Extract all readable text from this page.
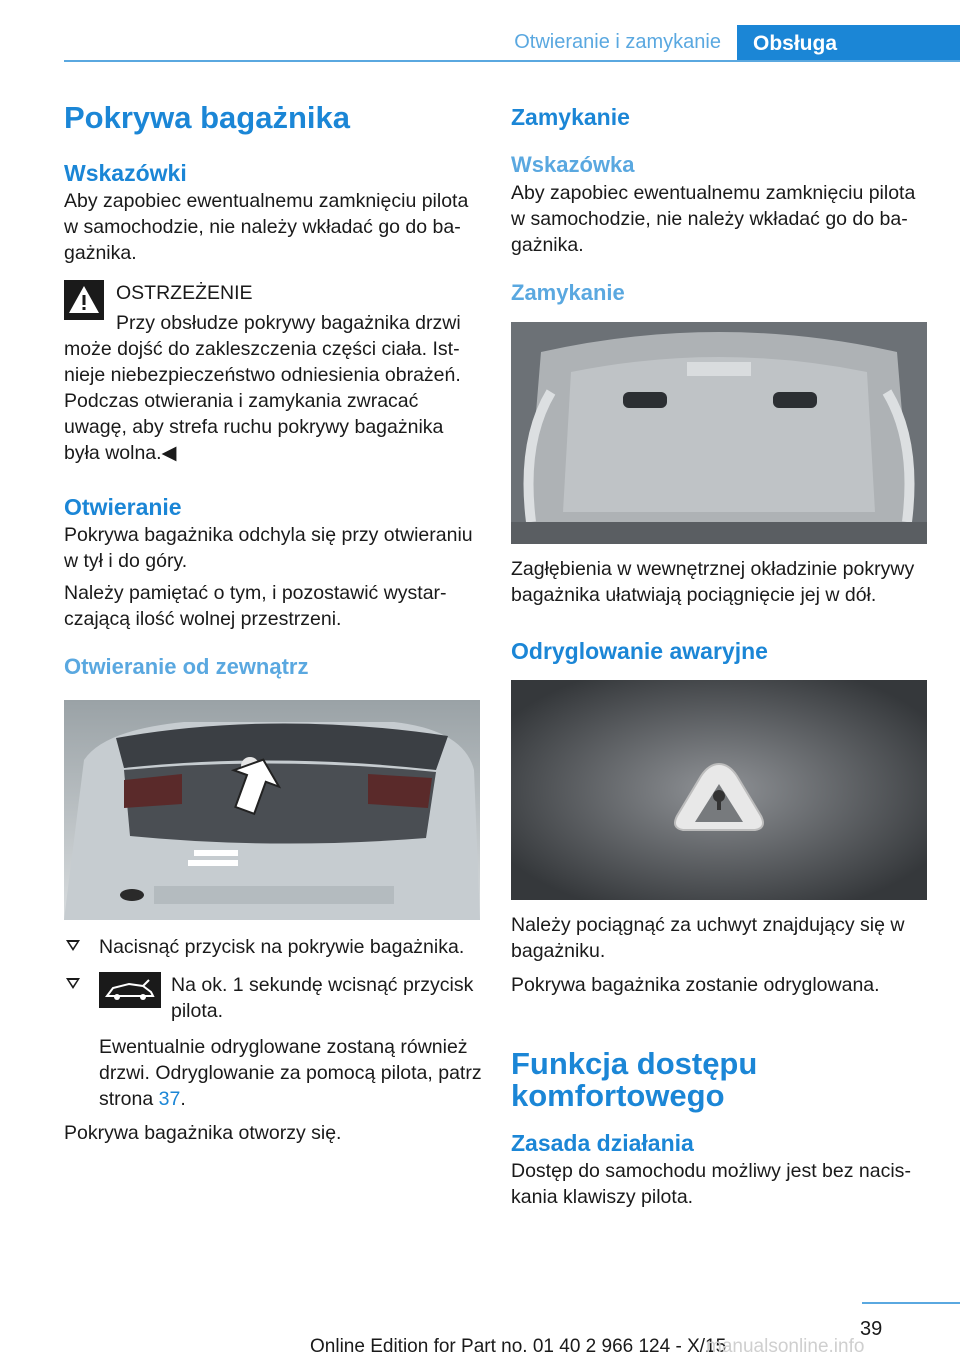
Otwieranie i zamykanie	Obsługa
Pokrywa bagażnika
Wskazówki
Aby zapobiec ewentualnemu zamknięciu pilota w samochodzie, nie należy wkładać go do bagażnika.
OSTRZEŻENIE
Przy obsłudze pokrywy bagażnika drzwi
może dojść do zakleszczenia części ciała. Istnieje niebezpieczeństwo odniesienia obrażeń. Podczas otwierania i zamykania zwracać uwagę, aby strefa ruchu pokrywy bagażnika była wolna.◀
Otwieranie
Pokrywa bagażnika odchyla się przy otwieraniu w tył i do góry.
Należy pamiętać o tym, i pozostawić wystarczającą ilość wolnej przestrzeni.
Otwieranie od zewnątrz
Nacisnąć przycisk na pokrywie bagażnika.
Na ok. 1 sekundę wcisnąć przycisk pilota.
Ewentualnie odryglowane zostaną również drzwi. Odryglowanie za pomocą pilota, patrz strona 37.
Pokrywa bagażnika otworzy się.
Zamykanie
Wskazówka
Aby zapobiec ewentualnemu zamknięciu pilota w samochodzie, nie należy wkładać go do bagażnika.
Zamykanie
Zagłębienia w wewnętrznej okładzinie pokrywy bagażnika ułatwiają pociągnięcie jej w dół.
Odryglowanie awaryjne
Należy pociągnąć za uchwyt znajdujący się w bagażniku.
Pokrywa bagażnika zostanie odryglowana.
Funkcja dostępu komfortowego
Zasada działania
Dostęp do samochodu możliwy jest bez naciskania klawiszy pilota.
39
Online Edition for Part no. 01 40 2 966 124 - X/15
manualsonline.info
